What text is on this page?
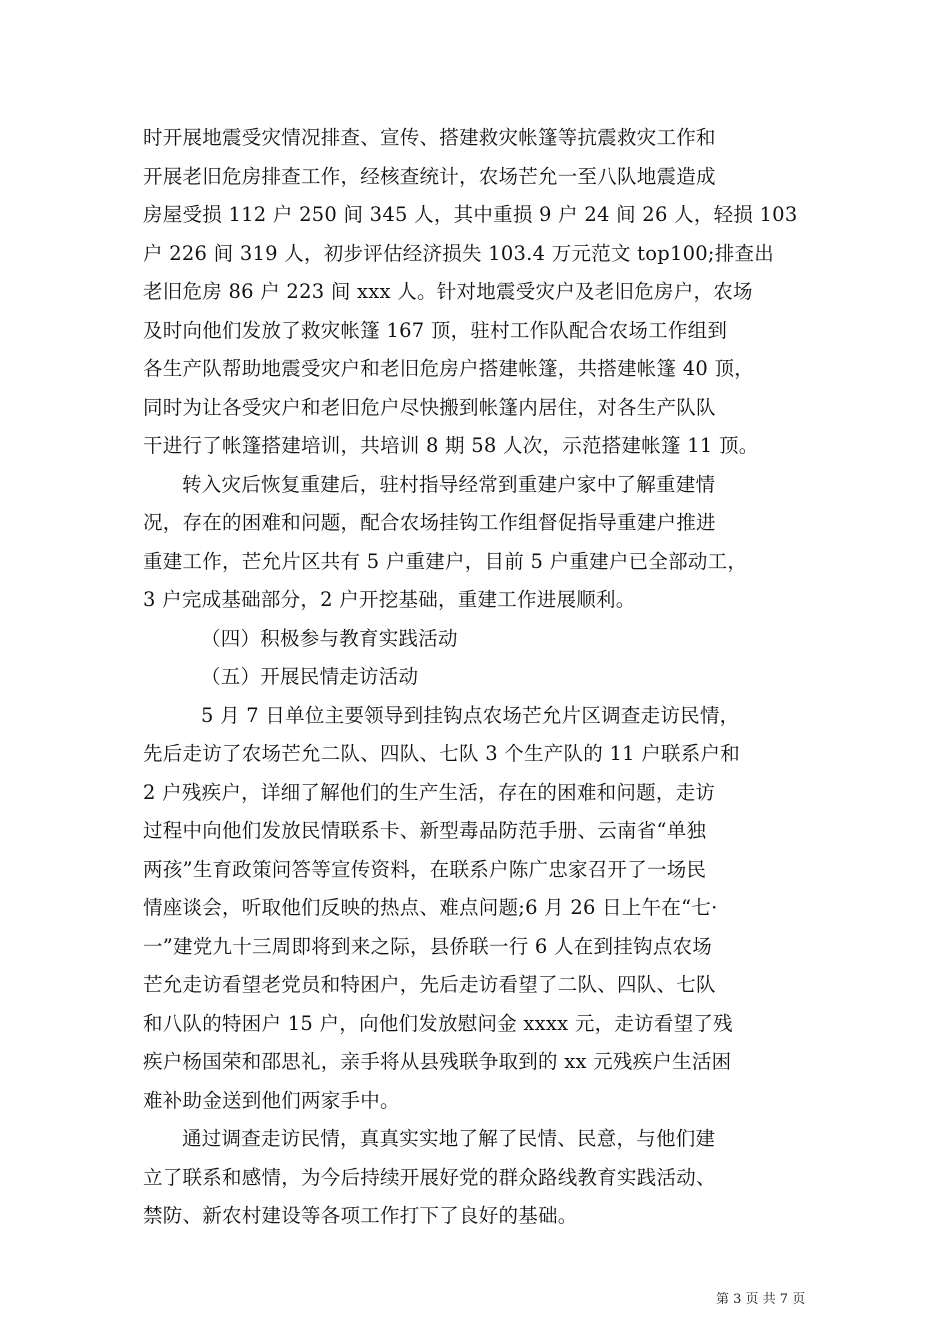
时开展地震受灾情况排查、宣传、搭建救灾帐篷等抗震救灾工作和
开展老旧危房排查工作，经核查统计，农场芒允一至八队地震造成
房屋受损 112 户 250 间 345 人，其中重损 9 户 24 间 26 人，轻损 103
户 226 间 319 人，初步评估经济损失 103.4 万元范文 top100;排查出
老旧危房 86 户 223 间 xxx 人。针对地震受灾户及老旧危房户，农场
及时向他们发放了救灾帐篷 167 顶，驻村工作队配合农场工作组到
各生产队帮助地震受灾户和老旧危房户搭建帐篷，共搭建帐篷 40 顶，
同时为让各受灾户和老旧危户尽快搬到帐篷内居住，对各生产队队
干进行了帐篷搭建培训，共培训 8 期 58 人次，示范搭建帐篷 11 顶。
转入灾后恢复重建后，驻村指导经常到重建户家中了解重建情
况，存在的困难和问题，配合农场挂钩工作组督促指导重建户推进
重建工作，芒允片区共有 5 户重建户，目前 5 户重建户已全部动工，
3 户完成基础部分，2 户开挖基础，重建工作进展顺利。
（四）积极参与教育实践活动
（五）开展民情走访活动
5 月 7 日单位主要领导到挂钩点农场芒允片区调查走访民情，
先后走访了农场芒允二队、四队、七队 3 个生产队的 11 户联系户和
2 户残疾户，详细了解他们的生产生活，存在的困难和问题，走访
过程中向他们发放民情联系卡、新型毒品防范手册、云南省“单独
两孩”生育政策问答等宣传资料，在联系户陈广忠家召开了一场民
情座谈会，听取他们反映的热点、难点问题;6 月 26 日上午在“七·
一”建党九十三周即将到来之际，县侨联一行 6 人在到挂钩点农场
芒允走访看望老党员和特困户，先后走访看望了二队、四队、七队
和八队的特困户 15 户，向他们发放慰问金 xxxx 元，走访看望了残
疾户杨国荣和邵思礼，亲手将从县残联争取到的 xx 元残疾户生活困
难补助金送到他们两家手中。
通过调查走访民情，真真实实地了解了民情、民意，与他们建
立了联系和感情，为今后持续开展好党的群众路线教育实践活动、
禁防、新农村建设等各项工作打下了良好的基础。
第 3 页 共 7 页
